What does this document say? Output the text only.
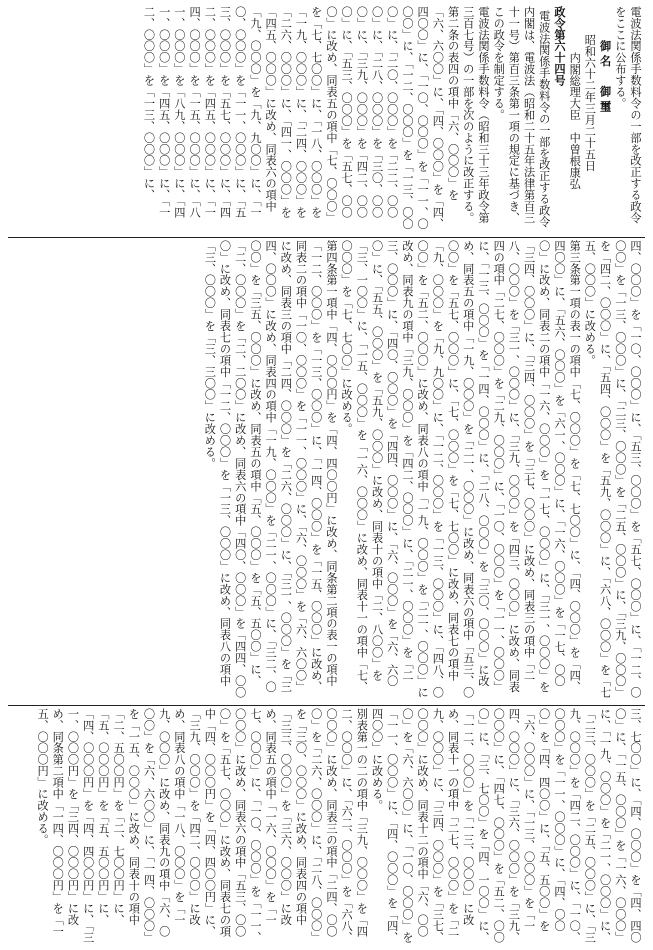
電波法関係手数料令の一部を改正する政令をここに公布する。
御名　御璽
昭和六十二年三月二十五日
内閣総理大臣　中曽根康弘
政令第六十四号
電波法関係手数料令の一部を改正する政令
内閣は、電波法（昭和二十五年法律第百三十一号）第百三条第一項の規定に基づき、この政令を制定する。
電波法関係手数料令（昭和三十三年政令第三百七号）の一部を次のように改正する。
第二条の表四の項中「六、〇〇〇」を「六、六〇〇」に、「四、〇〇〇」を「四、四〇〇」に、「一〇、〇〇〇」を「一一、〇〇〇」に、「一二、〇〇〇」を「一三、〇〇〇」に、「二〇、〇〇〇」を「二二、〇〇〇」に、「二八、〇〇〇」を「三〇、〇〇〇」に、「三九、〇〇〇」を「四二、〇〇〇」に、「五三、〇〇〇」を「五七、〇〇〇」に改め、同表五の項中「七、〇〇〇」を「七、七〇〇」に、「一八、〇〇〇」を「一九、〇〇〇」に、「二四、〇〇〇」を「二六、〇〇〇」に、「四一、〇〇〇」を「四五、〇〇〇」に改め、同表六の項中「九、〇〇〇」を「九、九〇〇」に、「一〇、〇〇〇」を「一一、〇〇〇」に、「五三、〇〇〇」を「五七、〇〇〇」に、「四二、〇〇〇」を「四五、〇〇〇」に、「一四、〇〇〇」を「一五、〇〇〇」に、「八一、〇〇〇」を「八九、〇〇〇」に、「四一、〇〇〇」を「四五、〇〇〇」に、「一二、〇〇〇」を「一三、〇〇〇」に、
四、〇〇〇」を「一〇、〇〇〇」に、「五三、〇〇〇」を「五七、〇〇〇」に、「一二、〇〇〇」を「一三、〇〇〇」に、「二三、〇〇〇」を「二五、〇〇〇」に、「三九、〇〇〇」を「四二、〇〇〇」に、「五四、〇〇〇」を「五九、〇〇〇」に、「六八、〇〇〇」を「七五、〇〇〇」に改める。
第三条第一項の表一の項中「七、〇〇〇」を「七、七〇〇」に、「四、〇〇〇」を「四、四〇〇」に、「五六、〇〇〇」を「六一、〇〇〇」に、「一六、〇〇〇」を「一七、〇〇〇」に改め、同表二の項中「一六、〇〇〇」を「一七、〇〇〇」に、「三一、〇〇〇」を「三四、〇〇〇」に、「三四、〇〇〇」を「三七、〇〇〇」に改め、同表三の項中「二八、〇〇〇」を「三一、〇〇〇」に、「三九、〇〇〇」を「四三、〇〇〇」に改め、同表四の項中「二七、〇〇〇」を「二九、〇〇〇」に、「一〇、〇〇〇」を「一一、〇〇〇」に、「一三、〇〇〇」を「一四、〇〇〇」に、「二八、〇〇〇」を「三〇、〇〇〇」に改め、同表五の項中「一九、〇〇〇」を「二一、〇〇〇」に改め、同表六の項中「五三、〇〇〇」を「五七、〇〇〇」に、「七、〇〇〇」を「七、七〇〇」に改め、同表七の項中「九、〇〇〇」を「九、九〇〇」に、「一二、〇〇〇」を「一三、〇〇〇」に、「四八、〇〇〇」を「五二、〇〇〇」に改め、同表八の項中「一九、〇〇〇」を「二一、〇〇〇」に改め、同表九の項中「三九、〇〇〇」を「四二、〇〇〇」に、「二一、〇〇〇」を「二三、〇〇〇」に、「四〇、〇〇〇」を「四四、〇〇〇」に、「六、〇〇〇」を「六、六〇〇」に、「五五、〇〇〇」を「五九、〇〇〇」に改め、同表十の項中「二、八〇〇」を「三、一〇〇」に、「一五、〇〇〇」を「一六、〇〇〇」に改め、同表十一の項中「七、〇〇〇」を「七、七〇〇」に改める。
第四条第一項中「四、〇〇〇円」を「四、四〇〇円」に改め、同条第二項の表一の項中「一二、〇〇〇」を「一三、〇〇〇」に、「一四、〇〇〇」を「一五、〇〇〇」に改め、同表二の項中「一〇、〇〇〇」を「一一、〇〇〇」に、「六、〇〇〇」を「六、六〇〇」に改め、同表三の項中「二四、〇〇〇」を「二六、〇〇〇」に、「三一、〇〇〇」を「三四、〇〇〇」に改め、同表四の項中「一九、〇〇〇」を「二一、〇〇〇」に、「三二、〇〇〇」を「三五、〇〇〇」に改め、同表五の項中「五、〇〇〇」を「五、五〇〇」に、「二、〇〇〇」を「二、二〇〇」に改め、同表六の項中「四〇、〇〇〇」を「四四、〇〇〇」に改め、同表七の項中「一二、〇〇〇」を「一三、〇〇〇」に改め、同表八の項中「三、〇〇〇」を「三、三〇〇」に改める。
三、七〇〇」に、「四、〇〇〇」を「四、四〇〇」に、「一五、〇〇〇」を「一六、〇〇〇」に、「一九、〇〇〇」を「二一、〇〇〇」に、「二三、〇〇〇」を「二五、〇〇〇」に、「三九、〇〇〇」を「四二、〇〇〇」に、「一〇、〇〇〇」を「一一、〇〇〇」に、「四、〇〇〇」を「四、四〇〇」に、「五、五〇〇」を「六、〇〇〇」に、「一三、〇〇〇」を「一四、〇〇〇」に、「三六、〇〇〇」を「三九、〇〇〇」に、「四七、〇〇〇」を「五二、〇〇〇」に、「三、七〇〇」を「四、一〇〇」に、「一二、〇〇〇」を「一三、〇〇〇」に改め、同表十一の項中「二七、〇〇〇」を「二九、〇〇〇」に、「三四、〇〇〇」を「三七、〇〇〇」に改め、同表十二の項中「六、〇〇〇」を「六、六〇〇」に、「一〇、〇〇〇」を「一一、〇〇〇」に、「四、〇〇〇」を「四、四〇〇」に改める。
別表第一の二の項中「三九、〇〇〇」を「四二、〇〇〇」に、「六二、〇〇〇」を「六八、〇〇〇」に改め、同表三の項中「二四、〇〇〇」を「二六、〇〇〇」に、「二八、〇〇〇」を「三〇、〇〇〇」に改め、同表四の項中「三三、〇〇〇」を「三六、〇〇〇」に改め、同表五の項中「一六、〇〇〇」を「一七、〇〇〇」に、「一〇、〇〇〇」を「一一、〇〇〇」に改め、同表六の項中「五三、〇〇〇」を「五七、〇〇〇」に改め、同表七の項中「四、〇〇〇円」を「四、四〇〇円」に、「三九、〇〇〇」を「四二、〇〇〇」に改め、同表八の項中「一八、〇〇〇」を「一九、〇〇〇」に改め、同表九の項中「六、〇〇〇」を「六、六〇〇」に、「一四、〇〇〇」を「一五、〇〇〇」に改め、同表十の項中「二、五〇〇円」を「二、七〇〇円」に、「五、〇〇〇円」を「五、五〇〇円」に、「四、〇〇〇円」を「四、四〇〇円」に、「三一、〇〇〇円」を「三四、〇〇〇円」に改め、同条第二項中「一四、〇〇〇円」を「一五、〇〇〇円」に改める。
